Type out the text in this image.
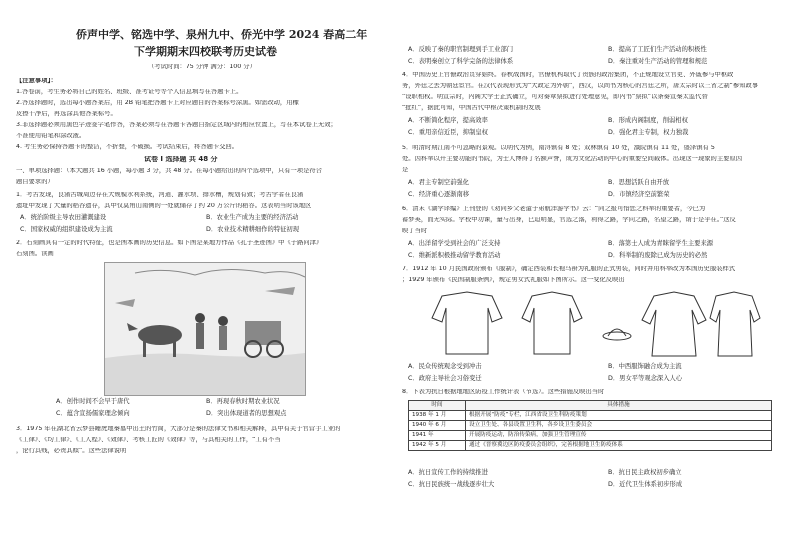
侨声中学、铭选中学、泉州九中、侨光中学 2024 春高二年
下学期期末四校联考历史试卷
（考试时间：75 分钟 满分：100 分）
【注意事项】：
1.答卷前，考生务必将自己的姓名、班级、准考证号等个人信息填写在答题卡上。
2.答选择题时，选出每小题答案后，用 2B 铅笔把答题卡上对应题目的答案标号涂黑。如需改动，用橡
皮擦干净后，再选涂其他答案标号。
3.非选择题必须用黑色字迹签字笔作答，答案必须写在答题卡各题目指定区域内的相应位置上，写在本试卷上无效；
不准使用铅笔和涂改液。
4. 考生务必保持答题卡的整洁，不折叠，不破损。考试结束后，将答题卡交回。
试卷 I 选择题 共 48 分
一、单项选择题：（本大题共 16 小题，每小题 3 分，共 48 分。在每小题给出的四个选项中，只有一项是符合
题目要求的）
1．考古发现，良渚古城周边存在大规模水利系统，河道、灌水坝、排水槽，规划有致；考古学者在良渚
遗址中发现了大量的稻谷遗存，其中仅莫角山南侧的一处就储存了约 20 万公斤的稻谷。这表明当时该地区
A．统治阶级主导农田灌溉建设	B．农业生产成为主要的经济活动
C．国家权威的组织建设成为主流	D．农业技术精耕细作的特征初现
2．石刻画具有一定的时代特征，也是图本画的历史信息。如下图是某地方作品《孔子圣迹图》中《子路问津》
石刻图。读画
A．创作时间不会早于唐代	B．再现春秋时期农业状况
C．蕴含宣扬儒家理念倾向	D．突出体现道者的思想观点
3．1975 年在湖北省云梦县睡虎地秦墓中出土的竹简，大部分是秦的法律文书和相关解释，其中有关于官营手工业的
《工律》、《均工律》、《工人程》、《效律》、考核工匠的《效律》等，与其相关的工作，“工有不当
，论行其贱，必责其赎”。这些法律说明
A．反映了秦的职官制理到手工业部门	B．提高了工匠们生产活动的积极性
C．表明秦创立了科学完备的法律体系	D．秦注重对生产活动的管理和规范
4．中国历史上官僚政治贯穿始终。春秋战国时，官僚机构取代了贵族的政治集团，不正规地设立官吏、外戚参与中枢政
务，外廷之去为朝廷宦官。在汉代表现形式为“大政定为外朝”，西汉，以尚书为核心的宫廷之所，唐太宗时以三省之制“参知政事
”设职相权。明宣宗时，内阁大学士正式确立，可对奏章票拟进行处理意见，即内书“票拟”以条奏宣秦太监代替
“批红”，据此可知，中国古代中枢决策机制的发展
A．不断简化程序，提高效率	B．形成内阁制度，削弱相权
C．重用亲信近臣，抑制皇权	D．强化君主专制，权力独裁
5．明清时期江南不可忽略的景观。以明代为例，南浔镇有 8 处；双林镇有 10 处，濮院镇有 11 处，盛泽镇有 5
处。因科举以升主要功能的书院，为士人博得了名额声誉，成为文化活动的中心的重要空间载体。出现这一现象的主要原因
是
A．君主专制空前强化	B．思想活跃自由开放
C．经济重心逐渐南移	D．市镇经济空前繁荣
6．清末《湖学译编》上刊登的《劝同乡父老遣子弟航洋游学书》云：“同之报可惜您之科举的重要者，今已为
蓄梦英，而无实际。学校中功课，量与出身，已迫明显，官选之落，利得之路，学问之路，名望之路，谓于是乎在。”这反
映了当时
A．出洋留学受到社会的广泛支持	B．落第士人成为青睐留学生主要来源
C．维新派积极推动留学教育活动	D．科举制的废除已成为历史的必然
7．1912 年 10 月民国政府颁布《服制》，确定西装和长袍马褂为礼服的正式男装，同时并用科举改为本国历史服装样式
；1929 年颁布《民国制服条例》，规定男女式礼服如下图所示。这一变化反映出
A．民众传统观念受到冲击	B．中西服饰融合成为主流
C．政府主导社会习俗变迁	D．男女平等观念深入人心
8．下表为抗日根据地地区防疫工作统计表（节选）。这些措施反映出当时
时间	具体措施
1938 年 1 月	根据开展“防疫”专栏，江西省设卫生科防疫策划
1940 年 6 月	设立卫生处、各县设置卫生科，各乡设卫生委员会
1941 年	开展防疫运动，防治传染病，加强卫生管理宣传
1942 年 5 月	通过《晋察冀边区防疫委员会组织》，完善根据地卫生防疫体系
A．抗日宣传工作的持续推进	B．抗日民主政权初步确立
C．抗日民族统一战线逐步壮大	D．近代卫生体系初步形成
